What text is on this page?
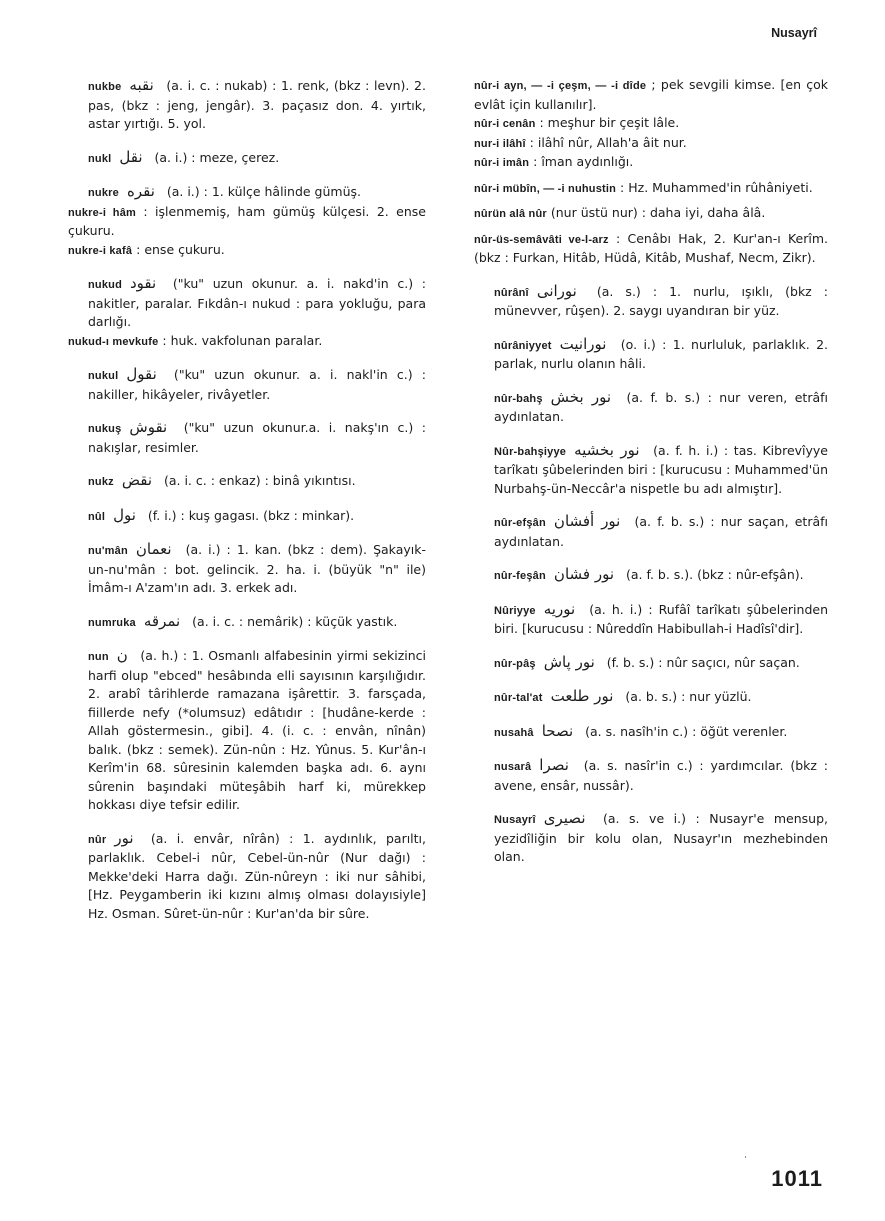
Nusayrî
nukbe نقبه (a. i. c. : nukab) : 1. renk, (bkz : levn). 2. pas, (bkz : jeng, jengâr). 3. paçasız don. 4. yırtık, astar yırtığı. 5. yol.
nukl نقل (a. i.) : meze, çerez.
nukre نقره (a. i.) : 1. külçe hâlinde gümüş.
nukre-i hâm : işlenmemiş, ham gümüş külçesi. 2. ense çukuru.
nukre-i kafâ : ense çukuru.
nukud نقود ("ku" uzun okunur. a. i. nakd'in c.) : nakitler, paralar. Fıkdân-ı nukud : para yokluğu, para darlığı.
nukud-ı mevkufe : huk. vakfolunan paralar.
nukul نقول ("ku" uzun okunur. a. i. nakl'in c.) : nakiller, hikâyeler, rivâyetler.
nukuş نقوش ("ku" uzun okunur.a. i. nakş'ın c.) : nakışlar, resimler.
nukz نقض (a. i. c. : enkaz) : binâ yıkıntısı.
nûl نول (f. i.) : kuş gagası. (bkz : minkar).
nu'mân نعمان (a. i.) : 1. kan. (bkz : dem). Şakayık-un-nu'mân : bot. gelincik. 2. ha. i. (büyük "n" ile) İmâm-ı A'zam'ın adı. 3. erkek adı.
numruka نمرقه (a. i. c. : nemârik) : küçük yastık.
nun ن (a. h.) : 1. Osmanlı alfabesinin yirmi sekizinci harfi olup "ebced" hesâbında elli sayısının karşılığıdır. 2. arabî târihlerde ramazana işârettir. 3. farsçada, fiillerde nefy (*olumsuz) edâtıdır : [hudâne-kerde : Allah göstermesin., gibi]. 4. (i. c. : envân, nînân) balık. (bkz : semek). Zün-nûn : Hz. Yûnus. 5. Kur'ân-ı Kerîm'in 68. sûresinin kalemden başka adı. 6. aynı sûrenin başındaki müteşâbih harf ki, mürekkep hokkası diye tefsir edilir.
nûr نور (a. i. envâr, nîrân) : 1. aydınlık, parıltı, parlaklık. Cebel-i nûr, Cebel-ün-nûr (Nur dağı) : Mekke'deki Harra dağı. Zün-nûreyn : iki nur sâhibi, [Hz. Peygamberin iki kızını almış olması dolayısiyle] Hz. Osman. Sûret-ün-nûr : Kur'an'da bir sûre.
nûr-i ayn, — -i çeşm, — -i dîde ; pek sevgili kimse. [en çok evlât için kullanılır].
nûr-i cenân : meşhur bir çeşit lâle.
nur-i ilâhî : ilâhî nûr, Allah'a âit nur.
nûr-i imân : îman aydınlığı.
nûr-i mübîn, — -i nuhustin : Hz. Muhammed'in rûhâniyeti.
nûrün alâ nûr (nur üstü nur) : daha iyi, daha âlâ.
nûr-üs-semâvâti ve-l-arz : Cenâbı Hak, 2. Kur'an-ı Kerîm. (bkz : Furkan, Hitâb, Hüdâ, Kitâb, Mushaf, Necm, Zikr).
nûrânî نورانى (a. s.) : 1. nurlu, ışıklı, (bkz : münevver, rûşen). 2. saygı uyandıran bir yüz.
nûrâniyyet نورانيت (o. i.) : 1. nurluluk, parlaklık. 2. parlak, nurlu olanın hâli.
nûr-bahş نور بخش (a. f. b. s.) : nur veren, etrâfı aydınlatan.
Nûr-bahşiyye نور بخشيه (a. f. h. i.) : tas. Kibrevîyye tarîkatı şûbelerinden biri : [kurucusu : Muhammed'ün Nurbahş-ün-Neccâr'a nispetle bu adı almıştır].
nûr-efşân نور أفشان (a. f. b. s.) : nur saçan, etrâfı aydınlatan.
nûr-feşân نور فشان (a. f. b. s.). (bkz : nûr-efşân).
Nûriyye نوريه (a. h. i.) : Rufâî tarîkatı şûbelerinden biri. [kurucusu : Nûreddîn Habibullah-i Hadîsî'dir].
nûr-pâş نور پاش (f. b. s.) : nûr saçıcı, nûr saçan.
nûr-tal'at نور طلعت (a. b. s.) : nur yüzlü.
nusahâ نصحا (a. s. nasîh'in c.) : öğüt verenler.
nusarâ نصرا (a. s. nasîr'in c.) : yardımcılar. (bkz : avene, ensâr, nussâr).
Nusayrî نصيرى (a. s. ve i.) : Nusayr'e mensup, yezidîliğin bir kolu olan, Nusayr'ın mezhebinden olan.
˙
1011
